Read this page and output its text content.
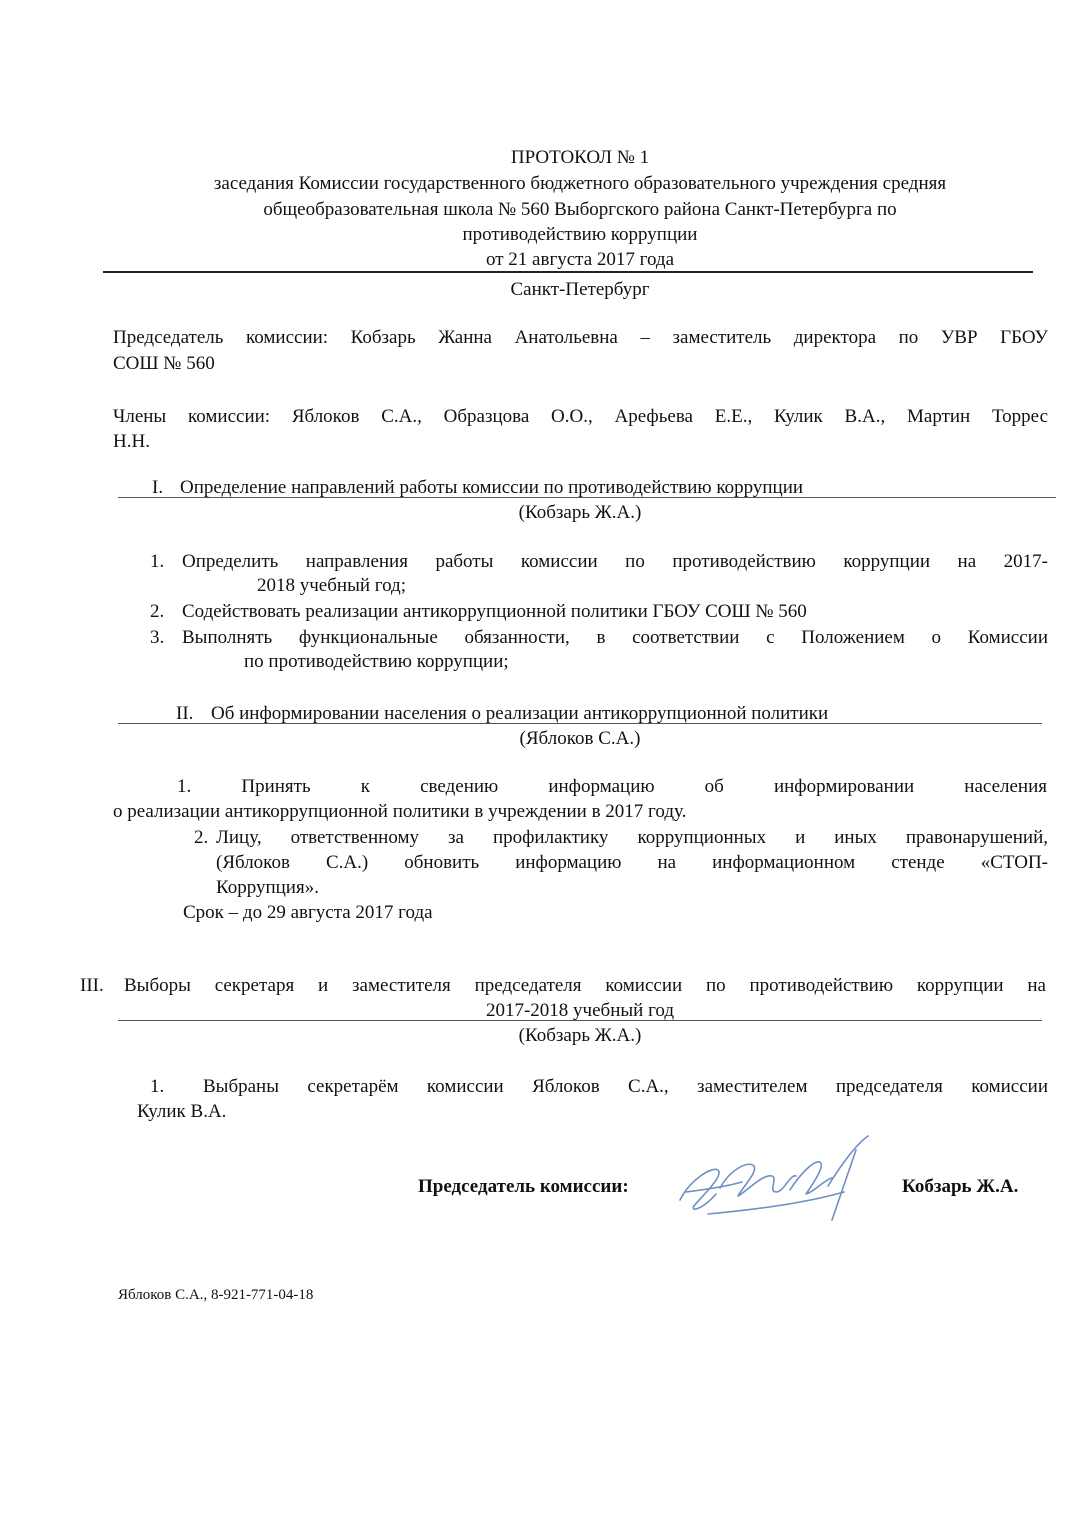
ПРОТОКОЛ № 1
заседания Комиссии государственного бюджетного образовательного учреждения средняя
общеобразовательная школа № 560 Выборгского района Санкт-Петербурга по
противодействию коррупции
от 21 августа 2017 года
Санкт-Петербург
Председатель комиссии: Кобзарь Жанна Анатольевна – заместитель директора по УВР ГБОУ
СОШ № 560
Члены комиссии: Яблоков С.А., Образцова О.О., Арефьева Е.Е., Кулик В.А., Мартин Торрес
Н.Н.
I. Определение направлений работы комиссии по противодействию коррупции
(Кобзарь Ж.А.)
1. Определить направления работы комиссии по противодействию коррупции на 2017-
2018 учебный год;
2. Содействовать реализации антикоррупционной политики ГБОУ СОШ № 560
3. Выполнять функциональные обязанности, в соответствии с Положением о Комиссии
по противодействию коррупции;
II. Об информировании населения о реализации антикоррупционной политики
(Яблоков С.А.)
1. Принять к сведению информацию об информировании населения
о реализации антикоррупционной политики в учреждении в 2017 году.
2. Лицу, ответственному за профилактику коррупционных и иных правонарушений,
(Яблоков С.А.) обновить информацию на информационном стенде «СТОП-
Коррупция».
Срок – до 29 августа 2017 года
III. Выборы секретаря и заместителя председателя комиссии по противодействию коррупции на
2017-2018 учебный год
(Кобзарь Ж.А.)
1. Выбраны секретарём комиссии Яблоков С.А., заместителем председателя комиссии
Кулик В.А.
Председатель комиссии:	Кобзарь Ж.А.
Яблоков С.А., 8-921-771-04-18
